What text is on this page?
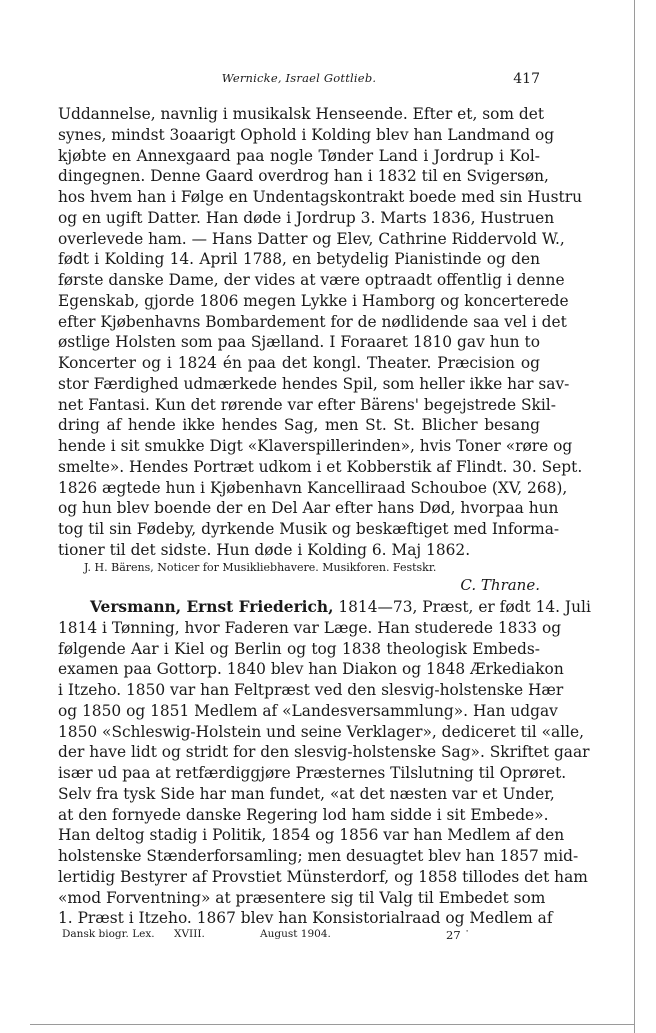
Wernicke, Israel Gottlieb.	417
Uddannelse, navnlig i musikalsk Henseende. Efter et, som det
synes, mindst 3oaarigt Ophold i Kolding blev han Landmand og
kjøbte en Annexgaard paa nogle Tønder Land i Jordrup i Kol-
dingegnen. Denne Gaard overdrog han i 1832 til en Svigersøn,
hos hvem han i Følge en Undentagskontrakt boede med sin Hustru
og en ugift Datter. Han døde i Jordrup 3. Marts 1836, Hustruen
overlevede ham. — Hans Datter og Elev, Cathrine Riddervold W.,
født i Kolding 14. April 1788, en betydelig Pianistinde og den
første danske Dame, der vides at være optraadt offentlig i denne
Egenskab, gjorde 1806 megen Lykke i Hamborg og koncerterede
efter Kjøbenhavns Bombardement for de nødlidende saa vel i det
østlige Holsten som paa Sjælland. I Foraaret 1810 gav hun to
Koncerter og i 1824 én paa det kongl. Theater. Præcision og
stor Færdighed udmærkede hendes Spil, som heller ikke har sav-
net Fantasi. Kun det rørende var efter Bärens' begejstrede Skil-
dring af hende ikke hendes Sag, men St. St. Blicher besang
hende i sit smukke Digt «Klaverspillerinden», hvis Toner «røre og
smelte». Hendes Portræt udkom i et Kobberstik af Flindt. 30. Sept.
1826 ægtede hun i Kjøbenhavn Kancelliraad Schouboe (XV, 268),
og hun blev boende der en Del Aar efter hans Død, hvorpaa hun
tog til sin Fødeby, dyrkende Musik og beskæftiget med Informa-
tioner til det sidste. Hun døde i Kolding 6. Maj 1862.
J. H. Bärens, Noticer for Musikliebhavere. Musikforen. Festskr.
C. Thrane.
Versmann, Ernst Friederich, 1814—73, Præst, er født 14. Juli
1814 i Tønning, hvor Faderen var Læge. Han studerede 1833 og
følgende Aar i Kiel og Berlin og tog 1838 theologisk Embeds-
examen paa Gottorp. 1840 blev han Diakon og 1848 Ærkediakon
i Itzeho. 1850 var han Feltpræst ved den slesvig-holstenske Hær
og 1850 og 1851 Medlem af «Landesversammlung». Han udgav
1850 «Schleswig-Holstein und seine Verklager», dediceret til «alle,
der have lidt og stridt for den slesvig-holstenske Sag». Skriftet gaar
især ud paa at retfærdiggjøre Præsternes Tilslutning til Oprøret.
Selv fra tysk Side har man fundet, «at det næsten var et Under,
at den fornyede danske Regering lod ham sidde i sit Embede».
Han deltog stadig i Politik, 1854 og 1856 var han Medlem af den
holstenske Stænderforsamling; men desuagtet blev han 1857 mid-
lertidig Bestyrer af Provstiet Münsterdorf, og 1858 tillodes det ham
«mod Forventning» at præsentere sig til Valg til Embedet som
1. Præst i Itzeho. 1867 blev han Konsistorialraad og Medlem af
Dansk biogr. Lex. XVIII.	August 1904.	27 ˙
